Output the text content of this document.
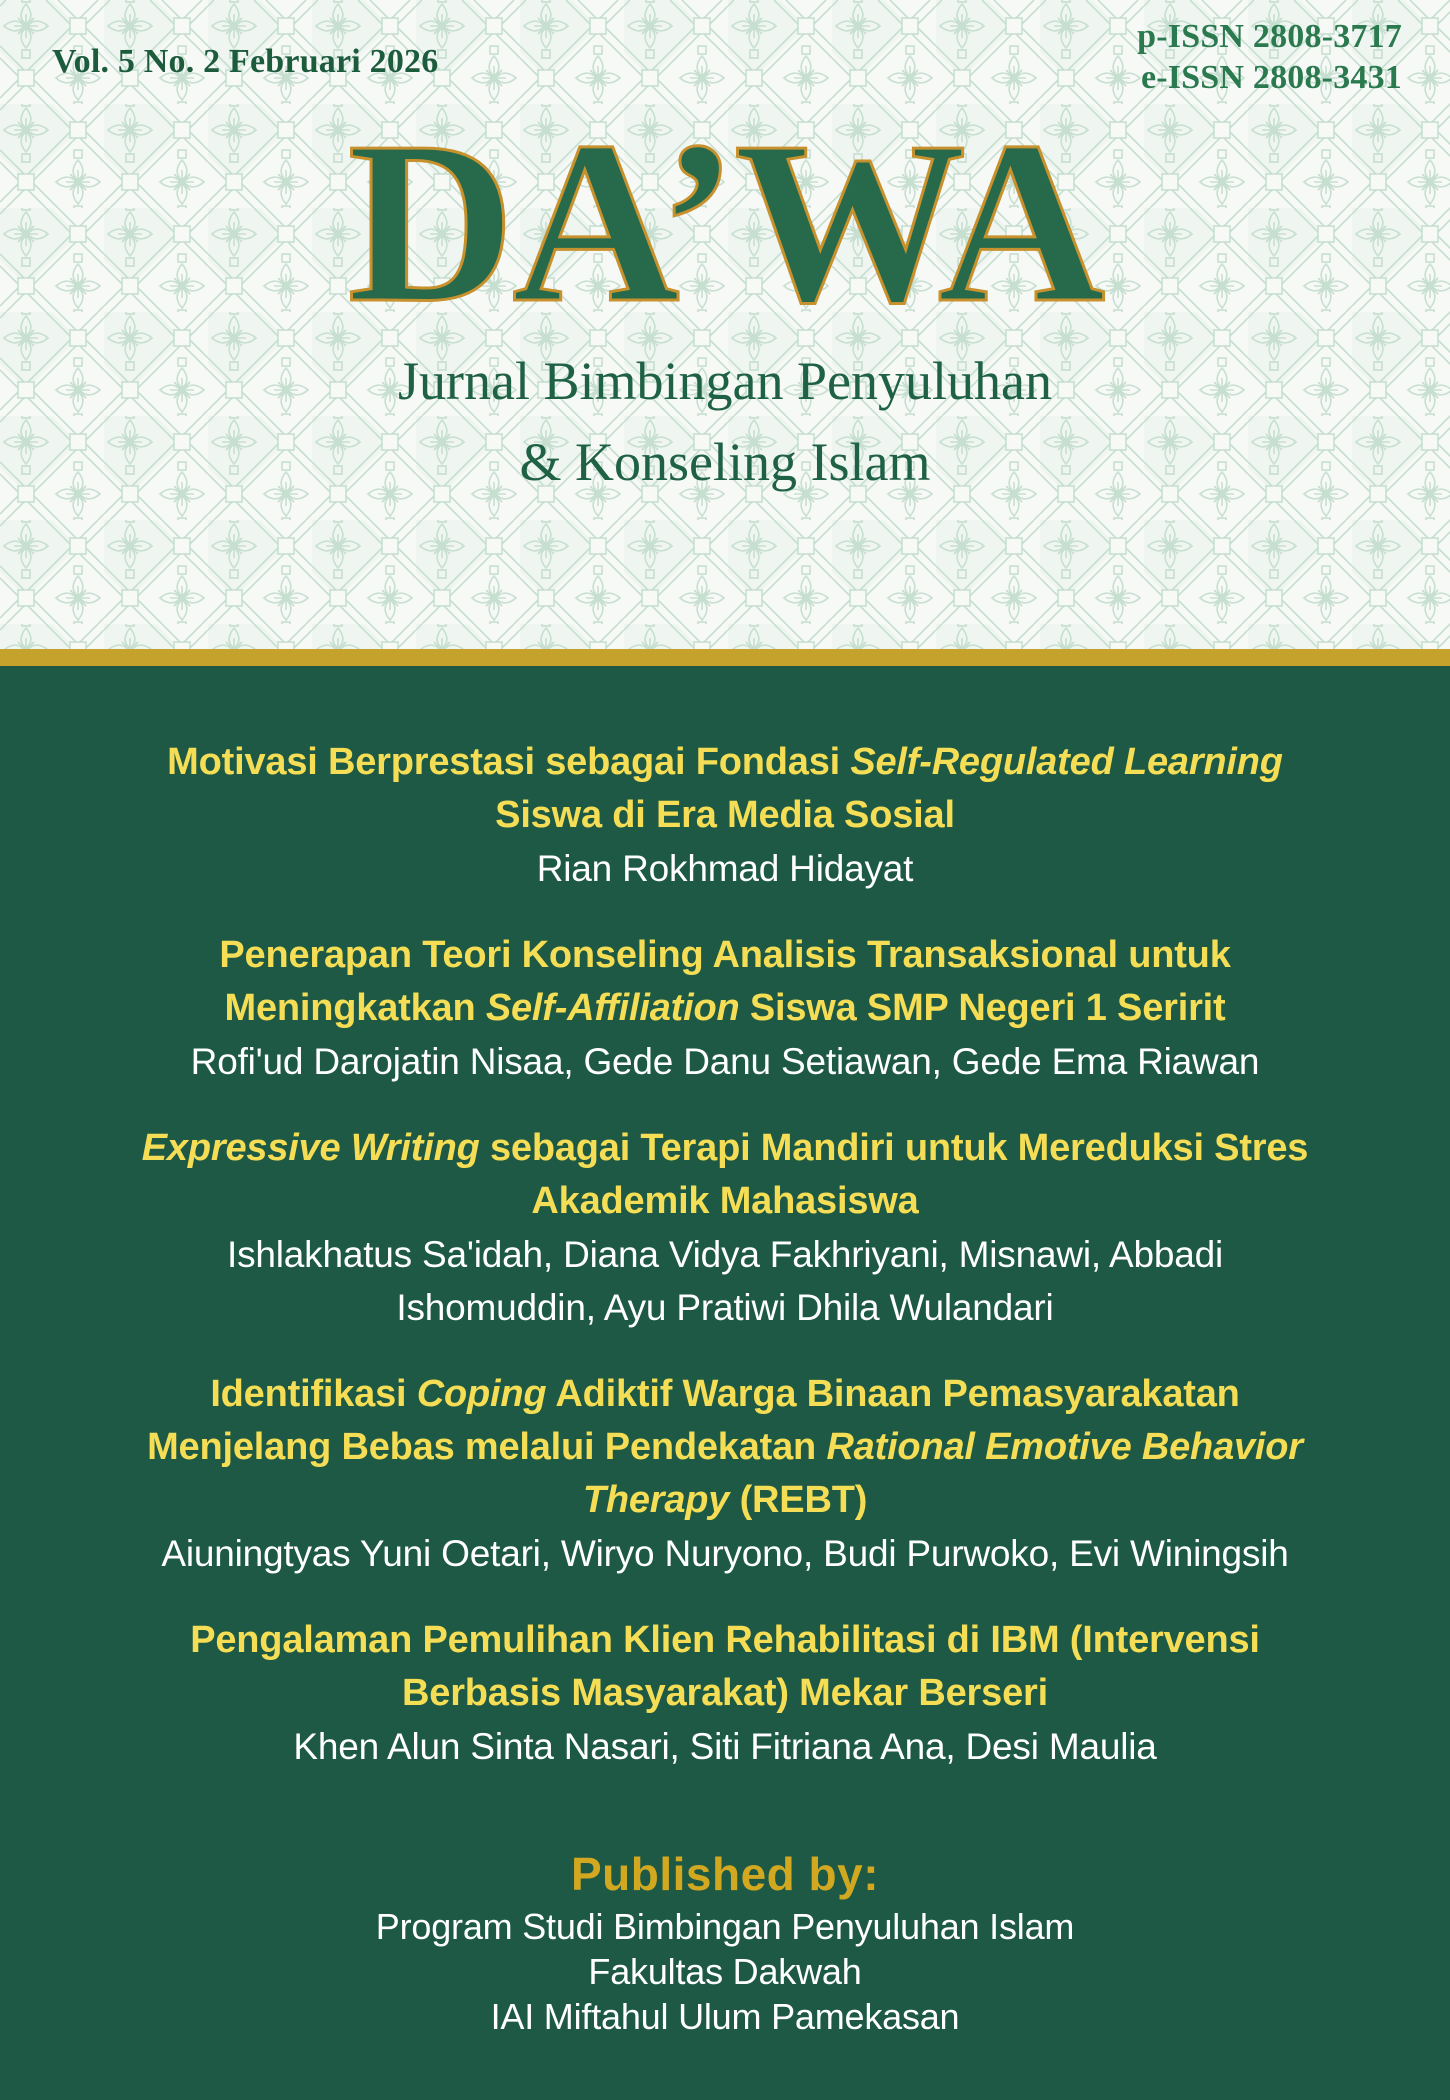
Vol. 5 No. 2 Februari 2026
p-ISSN 2808-3717
e-ISSN 2808-3431
DA’WA
Jurnal Bimbingan Penyuluhan
& Konseling Islam
Motivasi Berprestasi sebagai Fondasi Self-Regulated Learning
Siswa di Era Media Sosial
Rian Rokhmad Hidayat
Penerapan Teori Konseling Analisis Transaksional untuk
Meningkatkan Self-Affiliation Siswa SMP Negeri 1 Seririt
Rofi'ud Darojatin Nisaa, Gede Danu Setiawan, Gede Ema Riawan
Expressive Writing sebagai Terapi Mandiri untuk Mereduksi Stres
Akademik Mahasiswa
Ishlakhatus Sa'idah, Diana Vidya Fakhriyani, Misnawi, Abbadi Ishomuddin, Ayu Pratiwi Dhila Wulandari
Identifikasi Coping Adiktif Warga Binaan Pemasyarakatan
Menjelang Bebas melalui Pendekatan Rational Emotive Behavior
Therapy (REBT)
Aiuningtyas Yuni Oetari, Wiryo Nuryono, Budi Purwoko, Evi Winingsih
Pengalaman Pemulihan Klien Rehabilitasi di IBM (Intervensi
Berbasis Masyarakat) Mekar Berseri
Khen Alun Sinta Nasari, Siti Fitriana Ana, Desi Maulia
Published by:
Program Studi Bimbingan Penyuluhan Islam
Fakultas Dakwah
IAI Miftahul Ulum Pamekasan
